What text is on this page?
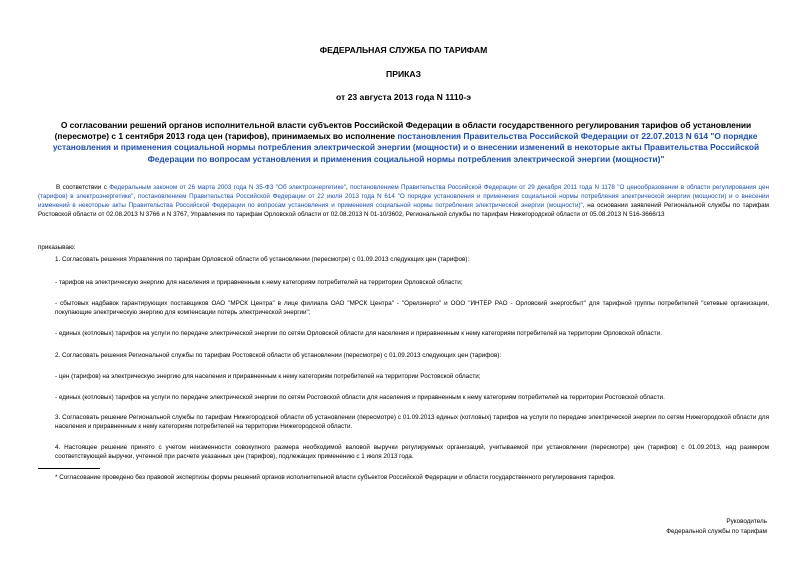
ФЕДЕРАЛЬНАЯ СЛУЖБА ПО ТАРИФАМ
ПРИКАЗ
от 23 августа 2013 года N 1110-э
О согласовании решений органов исполнительной власти субъектов Российской Федерации в области государственного регулирования тарифов об установлении (пересмотре) с 1 сентября 2013 года цен (тарифов), принимаемых во исполнение постановления Правительства Российской Федерации от 22.07.2013 N 614 "О порядке установления и применения социальной нормы потребления электрической энергии (мощности) и о внесении изменений в некоторые акты Правительства Российской Федерации по вопросам установления и применения социальной нормы потребления электрической энергии (мощности)"
В соответствии с Федеральным законом от 26 марта 2003 года N 35-ФЗ "Об электроэнергетике", постановлением Правительства Российской Федерации от 29 декабря 2011 года N 1178 "О ценообразовании в области регулирования цен (тарифов) в электроэнергетике", постановлением Правительства Российской Федерации от 22 июля 2013 года N 614 "О порядке установления и применения социальной нормы потребления электрической энергии (мощности) и о внесении изменений в некоторые акты Правительства Российской Федерации по вопросам установления и применения социальной нормы потребления электрической энергии (мощности)", на основании заявлений Региональной службы по тарифам Ростовской области от 02.08.2013 N 3766 и N 3767, Управления по тарифам Орловской области от 02.08.2013 N 01-10/3602, Региональной службы по тарифам Нижегородской области от 05.08.2013 N 516-3666/13
приказываю:
1. Согласовать решения Управления по тарифам Орловской области об установлении (пересмотре) с 01.09.2013 следующих цен (тарифов):
- тарифов на электрическую энергию для населения и приравненным к нему категориям потребителей на территории Орловской области;
- сбытовых надбавок гарантирующих поставщиков ОАО "МРСК Центра" в лице филиала ОАО "МРСК Центра" - "Орелэнерго" и ООО "ИНТЕР РАО - Орловский энергосбыт" для тарифной группы потребителей "сетевые организации, покупающие электрическую энергию для компенсации потерь электрической энергии";
- единых (котловых) тарифов на услуги по передаче электрической энергии по сетям Орловской области для населения и приравненным к нему категориям потребителей на территории Орловской области.
2. Согласовать решения Региональной службы по тарифам Ростовской области об установлении (пересмотре) с 01.09.2013 следующих цен (тарифов):
- цен (тарифов) на электрическую энергию для населения и приравненным к нему категориям потребителей на территории Ростовской области;
- единых (котловых) тарифов на услуги по передаче электрической энергии по сетям Ростовской области для населения и приравненным к нему категориям потребителей на территории Ростовской области.
3. Согласовать решение Региональной службы по тарифам Нижегородской области об установлении (пересмотре) с 01.09.2013 единых (котловых) тарифов на услуги по передаче электрической энергии по сетям Нижегородской области для населения и приравненным к нему категориям потребителей на территории Нижегородской области.
4. Настоящее решение принято с учетом неизменности совокупного размера необходимой валовой выручки регулируемых организаций, учитываемой при установлении (пересмотре) цен (тарифов) с 01.09.2013, над размером соответствующей выручки, учтенной при расчете указанных цен (тарифов), подлежащих применению с 1 июля 2013 года.
* Согласование проведено без правовой экспертизы формы решений органов исполнительной власти субъектов Российской Федерации и области государственного регулирования тарифов.
Руководитель
Федеральной службы по тарифам
